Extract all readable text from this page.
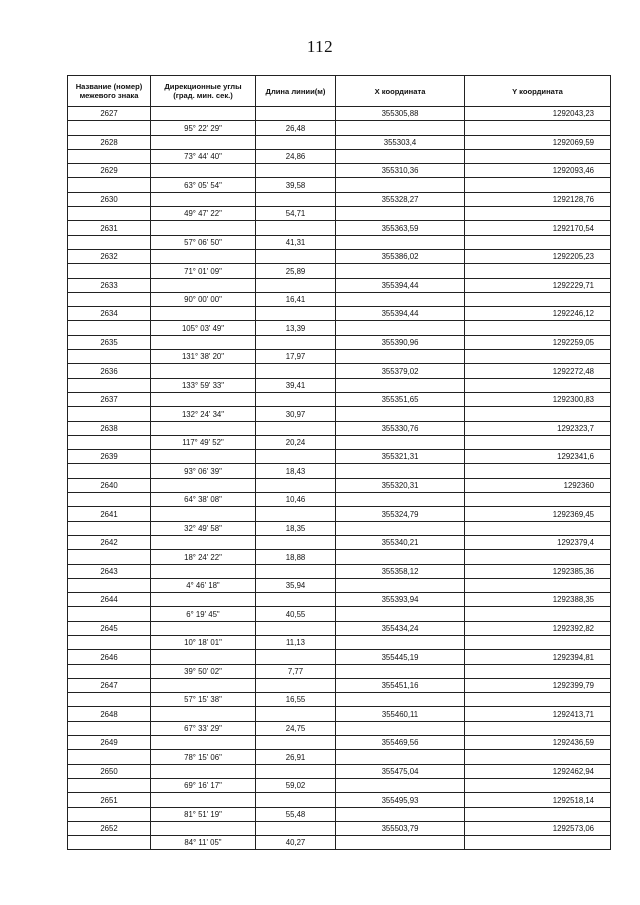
112
Название (номер) межевого знака	Дирекционные углы (град. мин. сек.)	Длина линии(м)	X координата	Y координата
2627			355305,88	1292043,23
	95° 22' 29"	26,48		
2628			355303,4	1292069,59
	73° 44' 40"	24,86		
2629			355310,36	1292093,46
	63° 05' 54"	39,58		
2630			355328,27	1292128,76
	49° 47' 22"	54,71		
2631			355363,59	1292170,54
	57° 06' 50"	41,31		
2632			355386,02	1292205,23
	71° 01' 09"	25,89		
2633			355394,44	1292229,71
	90° 00' 00"	16,41		
2634			355394,44	1292246,12
	105° 03' 49"	13,39		
2635			355390,96	1292259,05
	131° 38' 20"	17,97		
2636			355379,02	1292272,48
	133° 59' 33"	39,41		
2637			355351,65	1292300,83
	132° 24' 34"	30,97		
2638			355330,76	1292323,7
	117° 49' 52"	20,24		
2639			355321,31	1292341,6
	93° 06' 39"	18,43		
2640			355320,31	1292360
	64° 38' 08"	10,46		
2641			355324,79	1292369,45
	32° 49' 58"	18,35		
2642			355340,21	1292379,4
	18° 24' 22"	18,88		
2643			355358,12	1292385,36
	4° 46' 18"	35,94		
2644			355393,94	1292388,35
	6° 19' 45"	40,55		
2645			355434,24	1292392,82
	10° 18' 01"	11,13		
2646			355445,19	1292394,81
	39° 50' 02"	7,77		
2647			355451,16	1292399,79
	57° 15' 38"	16,55		
2648			355460,11	1292413,71
	67° 33' 29"	24,75		
2649			355469,56	1292436,59
	78° 15' 06"	26,91		
2650			355475,04	1292462,94
	69° 16' 17"	59,02		
2651			355495,93	1292518,14
	81° 51' 19"	55,48		
2652			355503,79	1292573,06
	84° 11' 05"	40,27		
